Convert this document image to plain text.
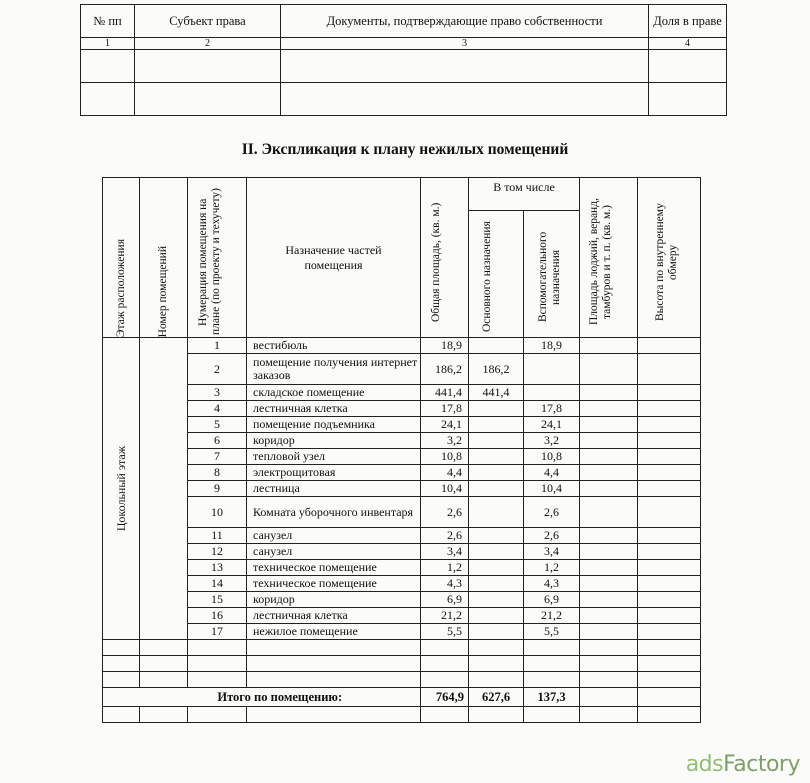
№ пп	Субъект права	Документы, подтверждающие право собственности	Доля в праве
1	2	3	4

II. Экспликация к плану нежилых помещений
Этаж расположения	Номер помещений	Нумерация помещения на плане (по проекту и техучету)	Назначение частей помещения	Общая площадь, (кв. м.)	В том числе		Площадь лоджий, веранд, тамбуров и т. п. (кв. м.)	Высота по внутреннему обмеру

					Основного назначения	Вспомогательного назначения		

Цокольный этаж		1	вестибюль	18,9		18,9		
		2	помещение получения интернет заказов	186,2	186,2			
		3	складское помещение	441,4	441,4			
		4	лестничная клетка	17,8		17,8		
		5	помещение подъемника	24,1		24,1		
		6	коридор	3,2		3,2		
		7	тепловой узел	10,8		10,8		
		8	электрощитовая	4,4		4,4		
		9	лестница	10,4		10,4		
		10	Комната уборочного инвентаря	2,6		2,6		
		11	санузел	2,6		2,6		
		12	санузел	3,4		3,4		
		13	техническое помещение	1,2		1,2		
		14	техническое помещение	4,3		4,3		
		15	коридор	6,9		6,9		
		16	лестничная клетка	21,2		21,2		
		17	нежилое помещение	5,5		5,5		

	Итого по помещению:			764,9	627,6	137,3		

adsFactory
